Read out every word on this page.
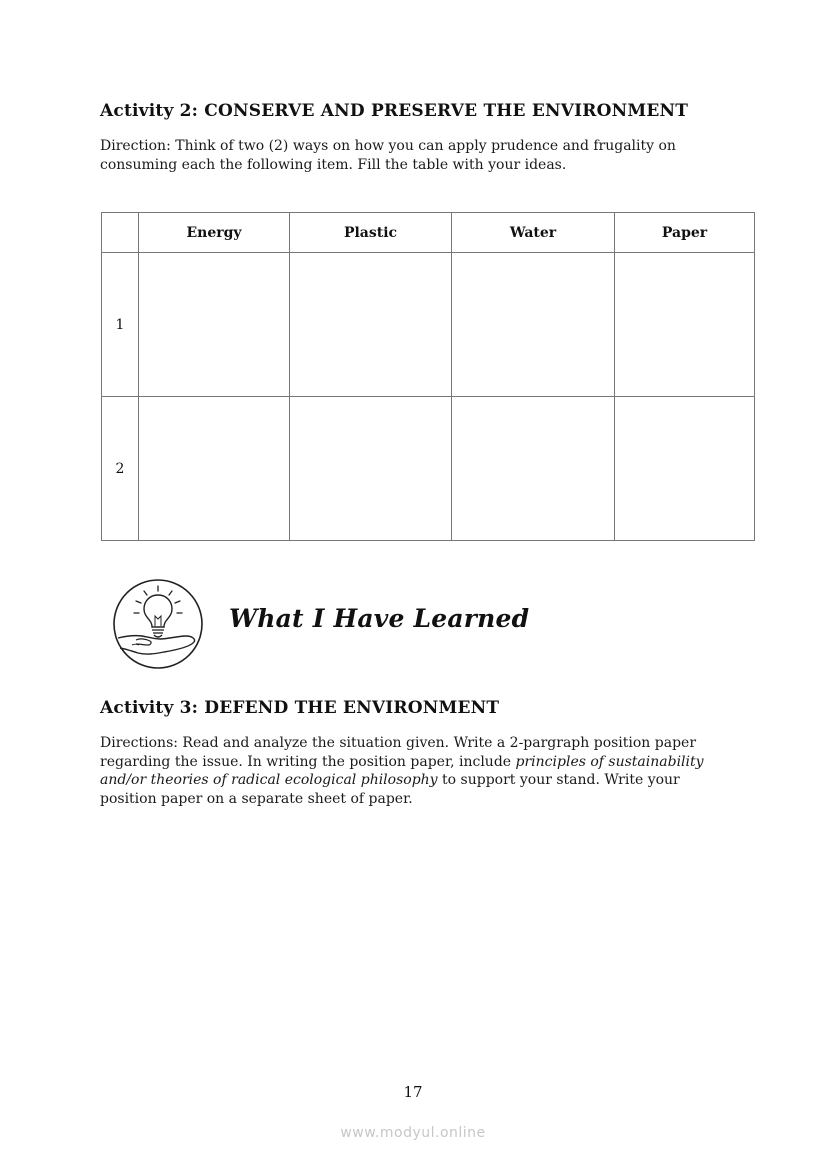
Activity 2: CONSERVE AND PRESERVE THE ENVIRONMENT

Direction: Think of two (2) ways on how you can apply prudence and frugality on consuming each the following item. Fill the table with your ideas.

	Energy	Plastic	Water	Paper
1				
2				
What I Have Learned
Activity 3: DEFEND THE ENVIRONMENT

Directions: Read and analyze the situation given. Write a 2-pargraph position paper regarding the issue. In writing the position paper, include principles of sustainability and/or theories of radical ecological philosophy to support your stand. Write your position paper on a separate sheet of paper.

17
www.modyul.online
